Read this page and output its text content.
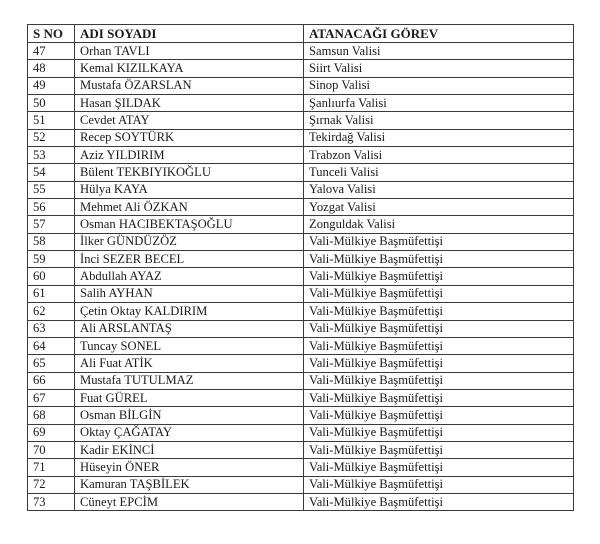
S NO	ADI SOYADI	ATANACAĞI GÖREV
47	Orhan TAVLI	Samsun Valisi
48	Kemal KIZILKAYA	Siirt Valisi
49	Mustafa ÖZARSLAN	Sinop Valisi
50	Hasan ŞILDAK	Şanlıurfa Valisi
51	Cevdet ATAY	Şırnak Valisi
52	Recep SOYTÜRK	Tekirdağ Valisi
53	Aziz YILDIRIM	Trabzon Valisi
54	Bülent TEKBIYIKOĞLU	Tunceli Valisi
55	Hülya KAYA	Yalova Valisi
56	Mehmet Ali ÖZKAN	Yozgat Valisi
57	Osman HACIBEKTAŞOĞLU	Zonguldak Valisi
58	İlker GÜNDÜZÖZ	Vali-Mülkiye Başmüfettişi
59	İnci SEZER BECEL	Vali-Mülkiye Başmüfettişi
60	Abdullah AYAZ	Vali-Mülkiye Başmüfettişi
61	Salih AYHAN	Vali-Mülkiye Başmüfettişi
62	Çetin Oktay KALDIRIM	Vali-Mülkiye Başmüfettişi
63	Ali ARSLANTAŞ	Vali-Mülkiye Başmüfettişi
64	Tuncay SONEL	Vali-Mülkiye Başmüfettişi
65	Ali Fuat ATİK	Vali-Mülkiye Başmüfettişi
66	Mustafa TUTULMAZ	Vali-Mülkiye Başmüfettişi
67	Fuat GÜREL	Vali-Mülkiye Başmüfettişi
68	Osman BİLGİN	Vali-Mülkiye Başmüfettişi
69	Oktay ÇAĞATAY	Vali-Mülkiye Başmüfettişi
70	Kadir EKİNCİ	Vali-Mülkiye Başmüfettişi
71	Hüseyin ÖNER	Vali-Mülkiye Başmüfettişi
72	Kamuran TAŞBİLEK	Vali-Mülkiye Başmüfettişi
73	Cüneyt EPCİM	Vali-Mülkiye Başmüfettişi
